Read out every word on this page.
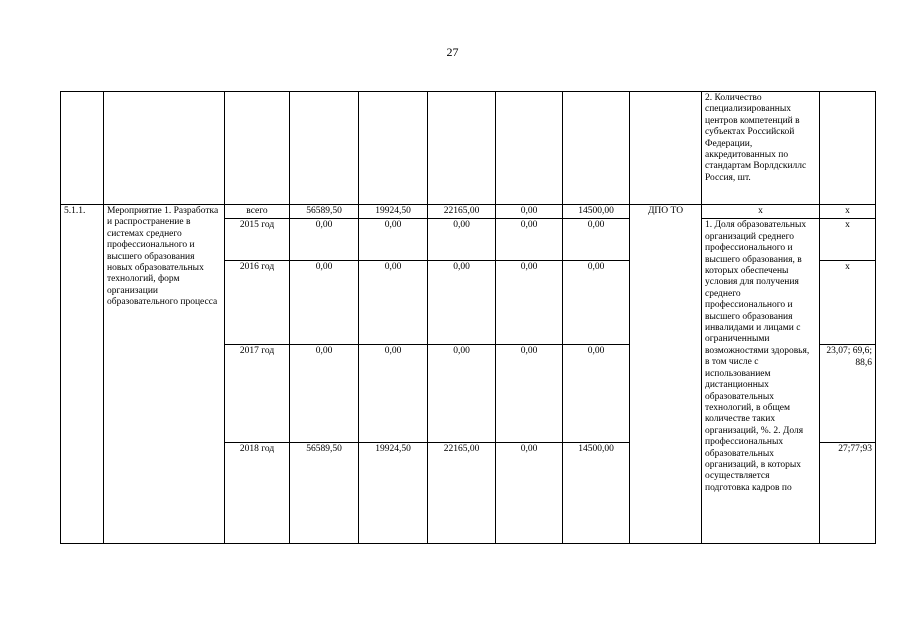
27
									2. Количество специализированных центров компетенций в субъектах Российской Федерации, аккредитованных по стандартам Ворлдскиллс Россия, шт.	
5.1.1.	Мероприятие 1. Разработка и распространение в системах среднего профессионального и высшего образования новых образовательных технологий, форм организации образовательного процесса	всего	56589,50	19924,50	22165,00	0,00	14500,00	ДПО ТО	х	х
		2015 год	0,00	0,00	0,00	0,00	0,00		1. Доля образовательных организаций среднего профессионального и высшего образования, в которых обеспечены условия для получения среднего профессионального и высшего образования инвалидами и лицами с ограниченными возможностями здоровья, в том числе с использованием дистанционных образовательных технологий, в общем количестве таких организаций, %. 2. Доля профессиональных образовательных организаций, в которых осуществляется подготовка кадров по	х
		2016 год	0,00	0,00	0,00	0,00	0,00			х
		2017 год	0,00	0,00	0,00	0,00	0,00			23,07; 69,6; 88,6
		2018 год	56589,50	19924,50	22165,00	0,00	14500,00			27;77;93
